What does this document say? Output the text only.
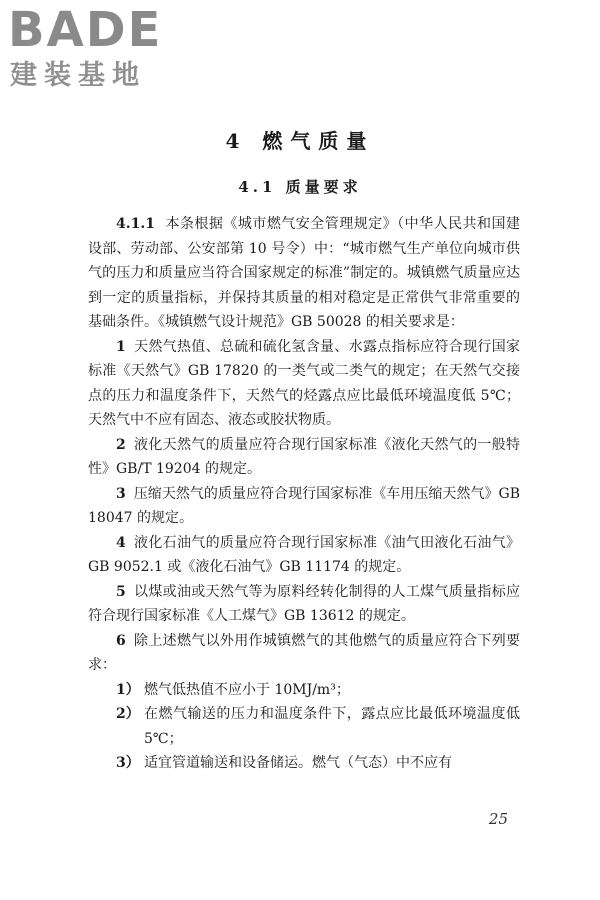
BADE
建装基地
4 燃气质量
4.1 质量要求

4.1.1 本条根据《城市燃气安全管理规定》（中华人民共和国建设部、劳动部、公安部第 10 号令）中：“城市燃气生产单位向城市供气的压力和质量应当符合国家规定的标准”制定的。城镇燃气质量应达到一定的质量指标，并保持其质量的相对稳定是正常供气非常重要的基础条件。《城镇燃气设计规范》GB 50028 的相关要求是：

1 天然气热值、总硫和硫化氢含量、水露点指标应符合现行国家标准《天然气》GB 17820 的一类气或二类气的规定；在天然气交接点的压力和温度条件下，天然气的烃露点应比最低环境温度低 5℃；天然气中不应有固态、液态或胶状物质。

2 液化天然气的质量应符合现行国家标准《液化天然气的一般特性》GB/T 19204 的规定。

3 压缩天然气的质量应符合现行国家标准《车用压缩天然气》GB 18047 的规定。

4 液化石油气的质量应符合现行国家标准《油气田液化石油气》GB 9052.1 或《液化石油气》GB 11174 的规定。

5 以煤或油或天然气等为原料经转化制得的人工煤气质量指标应符合现行国家标准《人工煤气》GB 13612 的规定。

6 除上述燃气以外用作城镇燃气的其他燃气的质量应符合下列要求：

1） 燃气低热值不应小于 10MJ/m³；

2） 在燃气输送的压力和温度条件下，露点应比最低环境温度低 5℃；

3） 适宜管道输送和设备储运。燃气（气态）中不应有

25
